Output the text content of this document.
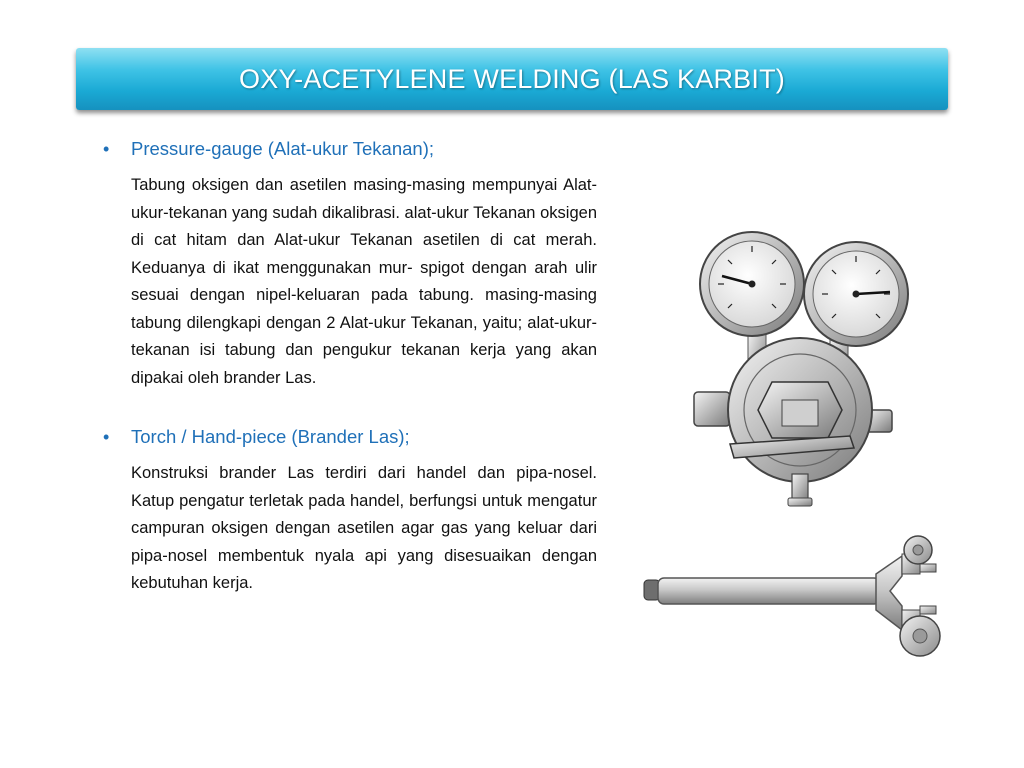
OXY-ACETYLENE WELDING (LAS KARBIT)
•	Pressure-gauge (Alat-ukur Tekanan);

Tabung oksigen dan asetilen masing-masing mempunyai Alat-ukur-tekanan yang sudah dikalibrasi. alat-ukur Tekanan oksigen di cat hitam dan Alat-ukur Tekanan asetilen di cat merah. Keduanya di ikat menggunakan mur- spigot dengan arah ulir sesuai dengan nipel-keluaran pada tabung. masing-masing tabung dilengkapi dengan 2 Alat-ukur Tekanan, yaitu; alat-ukur-tekanan isi tabung dan pengukur tekanan kerja yang akan dipakai oleh brander Las.

•	Torch / Hand-piece (Brander Las);

Konstruksi brander Las terdiri dari handel dan pipa-nosel. Katup pengatur terletak pada handel, berfungsi untuk mengatur campuran oksigen dengan asetilen agar gas yang keluar dari pipa-nosel membentuk nyala api yang disesuaikan dengan kebutuhan kerja.
